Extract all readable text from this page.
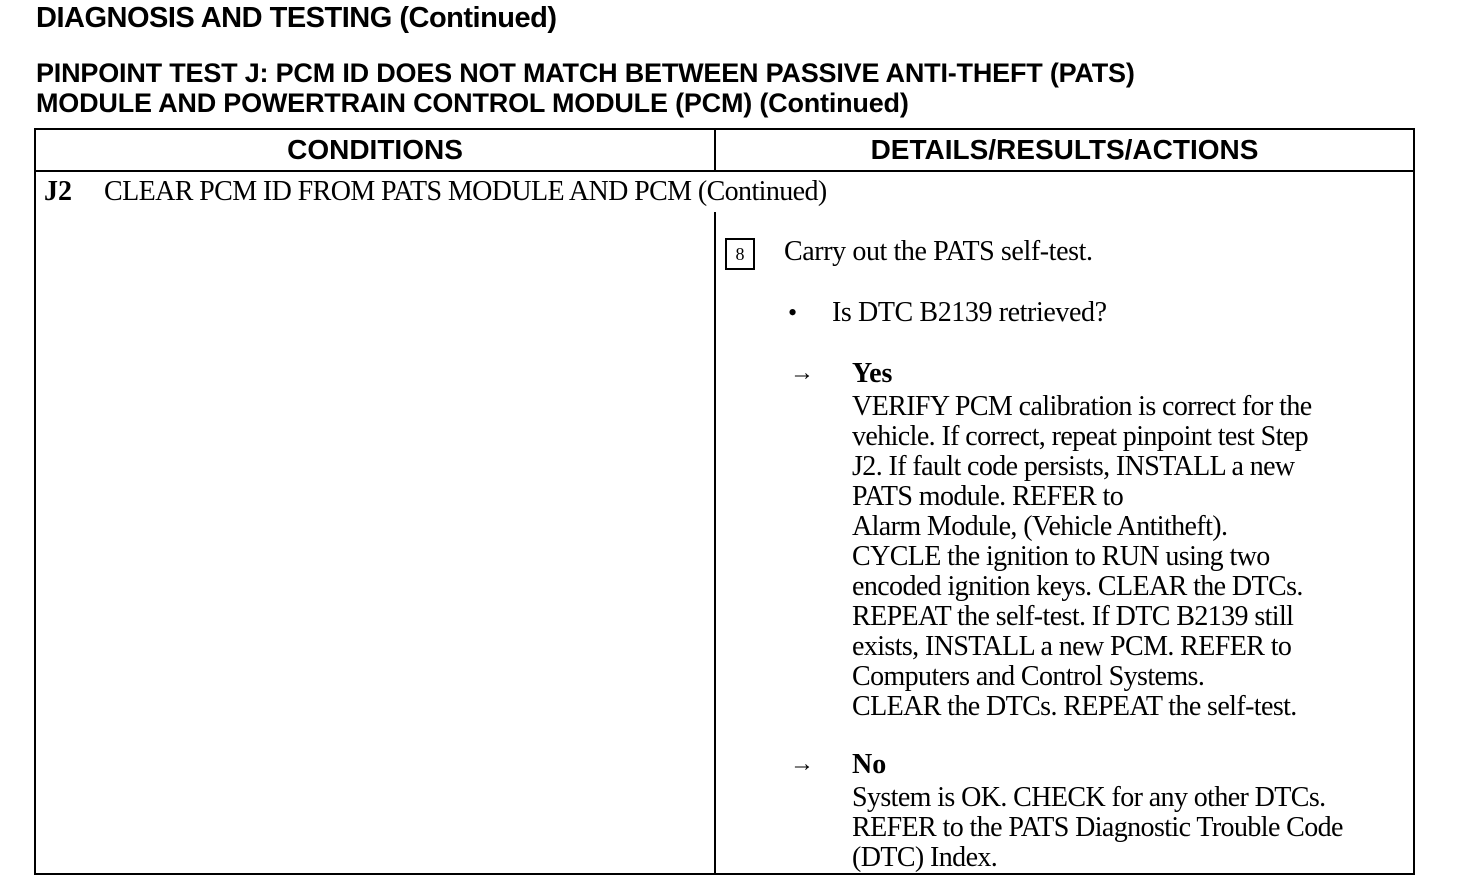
DIAGNOSIS AND TESTING (Continued)
PINPOINT TEST J: PCM ID DOES NOT MATCH BETWEEN PASSIVE ANTI-THEFT (PATS)
MODULE AND POWERTRAIN CONTROL MODULE (PCM) (Continued)
CONDITIONS	DETAILS/RESULTS/ACTIONS
J2 CLEAR PCM ID FROM PATS MODULE AND PCM (Continued)
8	Carry out the PATS self-test.
• Is DTC B2139 retrieved?
→ Yes
VERIFY PCM calibration is correct for the
vehicle. If correct, repeat pinpoint test Step
J2. If fault code persists, INSTALL a new
PATS module. REFER to
Alarm Module, (Vehicle Antitheft).
CYCLE the ignition to RUN using two
encoded ignition keys. CLEAR the DTCs.
REPEAT the self-test. If DTC B2139 still
exists, INSTALL a new PCM. REFER to
Computers and Control Systems.
CLEAR the DTCs. REPEAT the self-test.
→ No
System is OK. CHECK for any other DTCs.
REFER to the PATS Diagnostic Trouble Code
(DTC) Index.
